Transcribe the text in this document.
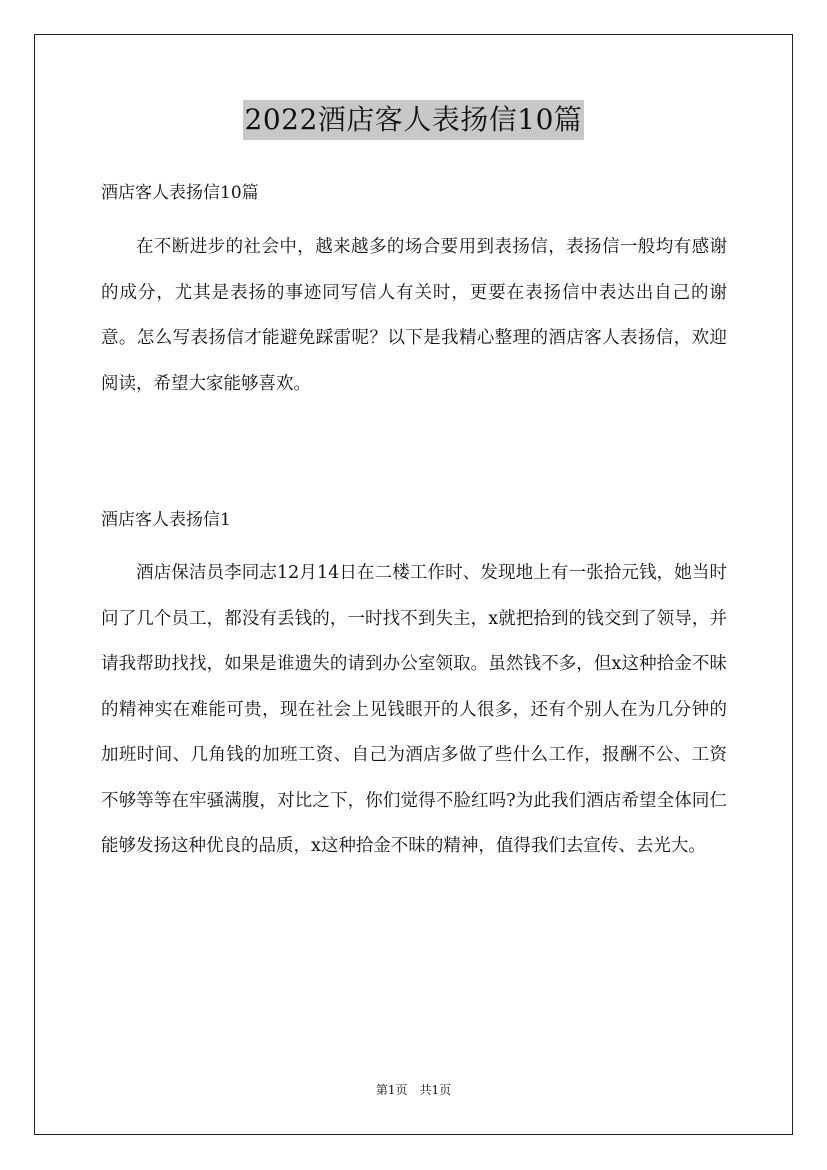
2022酒店客人表扬信10篇
酒店客人表扬信10篇

在不断进步的社会中，越来越多的场合要用到表扬信，表扬信一般均有感谢的成分，尤其是表扬的事迹同写信人有关时，更要在表扬信中表达出自己的谢意。怎么写表扬信才能避免踩雷呢？以下是我精心整理的酒店客人表扬信，欢迎阅读，希望大家能够喜欢。

酒店客人表扬信1

酒店保洁员李同志12月14日在二楼工作时、发现地上有一张拾元钱，她当时问了几个员工，都没有丢钱的，一时找不到失主，x就把拾到的钱交到了领导，并请我帮助找找，如果是谁遗失的请到办公室领取。虽然钱不多，但x这种拾金不昧的精神实在难能可贵，现在社会上见钱眼开的人很多，还有个别人在为几分钟的加班时间、几角钱的加班工资、自己为酒店多做了些什么工作，报酬不公、工资不够等等在牢骚满腹，对比之下，你们觉得不脸红吗?为此我们酒店希望全体同仁能够发扬这种优良的品质，x这种拾金不昧的精神，值得我们去宣传、去光大。

第1页　共1页
